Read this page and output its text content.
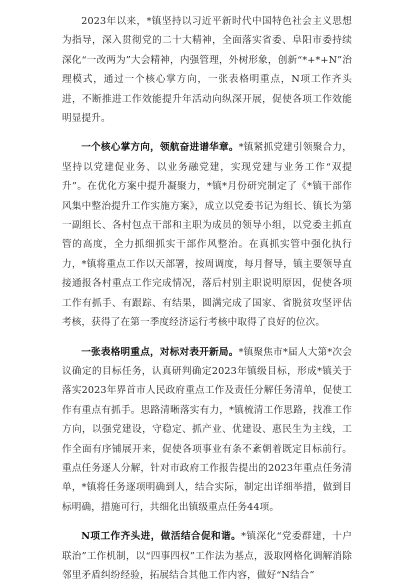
2023年以来，*镇坚持以习近平新时代中国特色社会主义思想为指导，深入贯彻党的二十大精神，全面落实省委、阜阳市委持续深化“一改两为”大会精神，内强管理，外树形象，创新“*+*+N”治理模式，通过一个核心掌方向，一张表格明重点，N项工作齐头进，不断推进工作效能提升年活动向纵深开展，促使各项工作效能明显提升。

一个核心掌方向，领航奋进谱华章。*镇紧抓党建引领聚合力，坚持以党建促业务、以业务融党建，实现党建与业务工作“双提升”。在优化方案中提升凝聚力，*镇*月份研究制定了《*镇干部作风集中整治提升工作实施方案》，成立以党委书记为组长、镇长为第一副组长、各村包点干部和主职为成员的领导小组，以党委主抓直管的高度，全力抓细抓实干部作风整治。在真抓实管中强化执行力，*镇将重点工作以天部署，按周调度，每月督导，镇主要领导直接通报各村重点工作完成情况，落后村别主职说明原因，促使各项工作有抓手、有跟踪、有结果，圆满完成了国家、省脱贫攻坚评估考核，获得了在第一季度经济运行考核中取得了良好的位次。

一张表格明重点，对标对表开新局。*镇聚焦市*届人大第*次会议确定的目标任务，认真研判确定2023年镇级目标，形成*镇关于落实2023年界首市人民政府重点工作及责任分解任务清单，促使工作有重点有抓手。思路清晰落实有力，*镇梳清工作思路，找准工作方向，以强党建设，守稳定、抓产业、优建设、惠民生为主线，工作全面有序铺展开来，促使各项事业有条不紊朝着既定目标前行。重点任务逐人分解，针对市政府工作报告提出的2023年重点任务清单，*镇将任务逐项明确到人，结合实际，制定出详细举措，做到目标明确，措施可行，共细化出镇级重点任务44项。

N项工作齐头进，做活结合促和谐。*镇深化“党委群建，十户联治”工作机制，以“四事四权”工作法为基点，汲取网格化调解消除邻里矛盾纠纷经验，拓展结合其他工作内容，做好“N结合”
